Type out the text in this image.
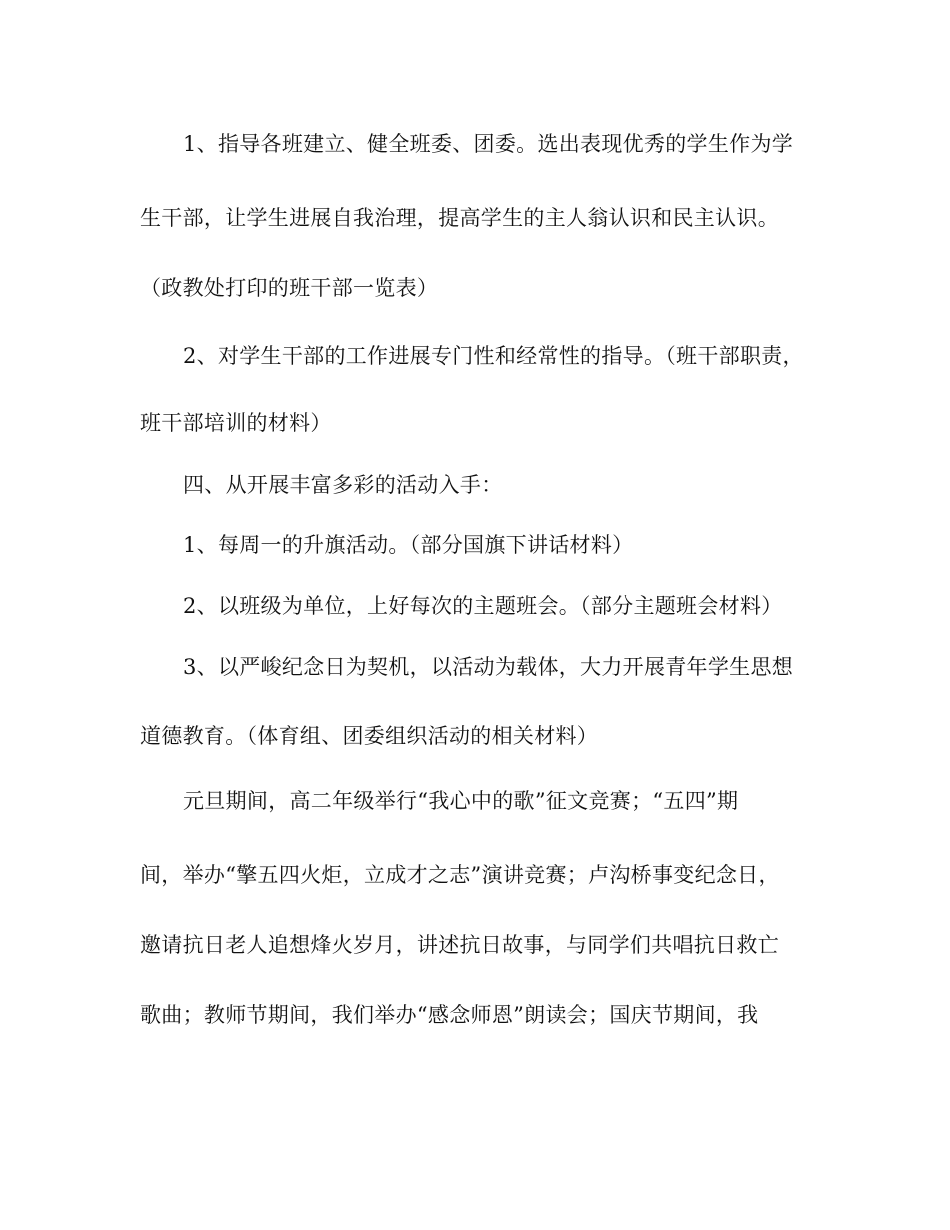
1、指导各班建立、健全班委、团委。选出表现优秀的学生作为学
生干部，让学生进展自我治理，提高学生的主人翁认识和民主认识。
（政教处打印的班干部一览表）
2、对学生干部的工作进展专门性和经常性的指导。（班干部职责，
班干部培训的材料）
四、从开展丰富多彩的活动入手：
1、每周一的升旗活动。（部分国旗下讲话材料）
2、以班级为单位，上好每次的主题班会。（部分主题班会材料）
3、以严峻纪念日为契机，以活动为载体，大力开展青年学生思想
道德教育。（体育组、团委组织活动的相关材料）
元旦期间，高二年级举行“我心中的歌”征文竞赛；“五四”期
间，举办“擎五四火炬，立成才之志”演讲竞赛；卢沟桥事变纪念日，
邀请抗日老人追想烽火岁月，讲述抗日故事，与同学们共唱抗日救亡
歌曲；教师节期间，我们举办“感念师恩”朗读会；国庆节期间，我
